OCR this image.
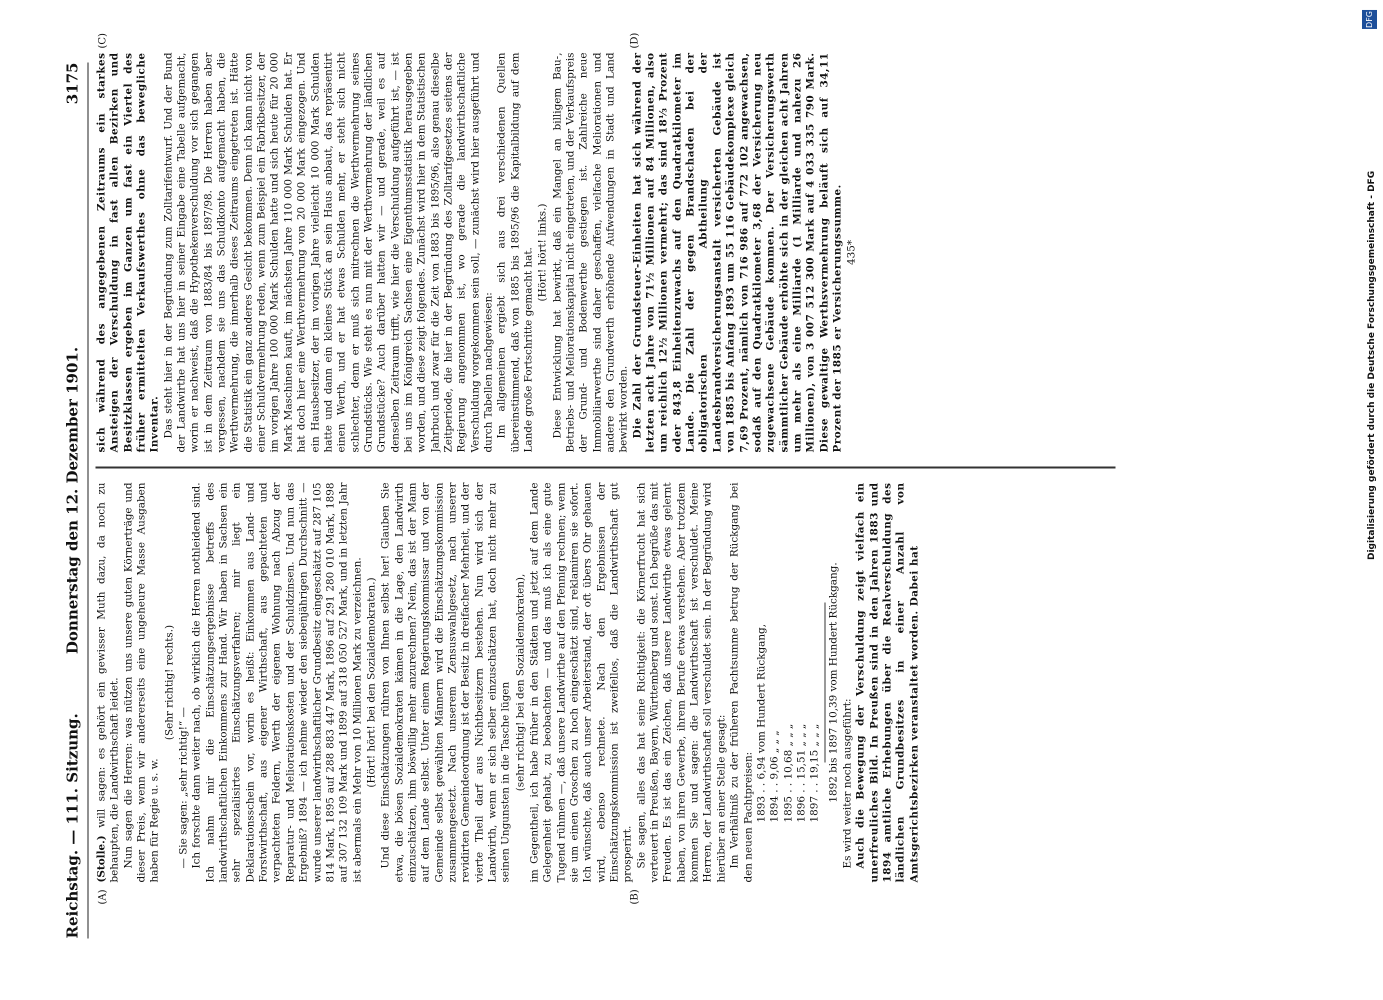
Reichstag. — 111. Sitzung.
Donnerstag den 12. Dezember 1901.
3175
(A)	(B)
(C)	(D)

(Stolle.) will sagen: es gehört ein gewisser Muth dazu, da noch zu behaupten, die Landwirthschaft leidet. Nun sagen die Herren: was nützen uns unsere guten Körnerträge und dieser Preis, wenn wir andererseits eine ungeheure Masse Ausgaben haben für Regie u. s. w.

(Sehr richtig! rechts.)

— Sie sagen: „sehr richtig!“ — Ich forschte dann weiter nach, ob wirklich die Herren nothleidend sind. Ich nahm mir die Einschätzungsergebnisse betreffs des landwirthschaftlichen Einkommens zur Hand. Wir haben in Sachsen ein sehr spezialisirtes Einschätzungsverfahren; mir liegt ein Deklarationsschein vor, worin es heißt: Einkommen aus Land- und Forstwirthschaft, aus eigener Wirthschaft, aus gepachteten und verpachteten Feldern, Werth der eigenen Wohnung nach Abzug der Reparatur- und Meliorationskosten und der Schuldzinsen. Und nun das Ergebniß? 1894 — ich nehme wieder den siebenjährigen Durchschnitt — wurde unserer landwirthschaftlicher Grundbesitz eingeschätzt auf 287 105 814 Mark, 1895 auf 288 883 447 Mark, 1896 auf 291 280 010 Mark, 1898 auf 307 132 109 Mark und 1899 auf 318 050 527 Mark, und in letzten Jahr ist abermals ein Mehr von 10 Millionen Mark zu verzeichnen. (Hört! hört! bei den Sozialdemokraten.) Und diese Einschätzungen rühren von Ihnen selbst her! Glauben Sie etwa, die bösen Sozialdemokraten kämen in die Lage, den Landwirth einzuschätzen, ihm böswillig mehr anzurechnen? Nein, das ist der Mann auf dem Lande selbst. Unter einem Regierungskommissar und von der Gemeinde selbst gewählten Männern wird die Einschätzungskommission zusammengesetzt. Nach unserem Zensuswahlgesetz, nach unserer revidirten Gemeindeordnung ist der Besitz in dreifacher Mehrheit, und der vierte Theil darf aus Nichtbesitzern bestehen. Nun wird sich der Landwirth, wenn er sich selber einzuschätzen hat, doch nicht mehr zu seinen Ungunsten in die Tasche lügen (sehr richtig! bei den Sozialdemokraten), im Gegentheil, ich habe früher in den Städten und jetzt auf dem Lande Gelegenheit gehabt, zu beobachten — und das muß ich als eine gute Tugend rühmen —, daß unsere Landwirthe auf den Pfennig rechnen; wenn sie um einen Groschen zu hoch eingeschätzt sind, reklamiren sie sofort. Ich wünschte, daß auch unser Arbeiterstand, der oft übers Ohr gehauen wird, ebenso rechnete. Nach den Ergebnissen der Einschätzungskommission ist zweifellos, daß die Landwirthschaft gut prosperirt. Sie sagen, alles das hat seine Richtigkeit: die Körnerfrucht hat sich verteuert in Preußen, Bayern, Württemberg und sonst. Ich begrüße das mit Freuden. Es ist das ein Zeichen, daß unsere Landwirthe etwas gelernt haben, von ihren Gewerbe, ihrem Berufe etwas verstehen. Aber trotzdem kommen Sie und sagen: die Landwirthschaft ist verschuldet. Meine Herren, der Landwirthschaft soll verschuldet sein. In der Begründung wird hierüber an einer Stelle gesagt: Im Verhältniß zu der früheren Pachtsumme betrug der Rückgang bei den neuen Pachtpreisen: 1893 . . 6,94 vom Hundert Rückgang, 1894 . . 9,06 „ „ „ 1895 . . 10,68 „ „ „ 1896 . . 15,51 „ „ „ 1897 . . 19,15 „ „ „ 1892 bis 1897 10,39 vom Hundert Rückgang. Es wird weiter noch ausgeführt: Auch die Bewegung der Verschuldung zeigt vielfach ein unerfreuliches Bild. In Preußen sind in den Jahren 1883 und 1894 amtliche Erhebungen über die Realverschuldung des ländlichen Grundbesitzes in einer Anzahl von Amtsgerichtsbezirken veranstaltet worden. Dabei hat

sich während des angegebenen Zeitraums ein starkes Ansteigen der Verschuldung in fast allen Bezirken und Besitzklassen ergeben im Ganzen um fast ein Viertel des früher ermittelten Verkaufswerthes ohne das bewegliche Inventar. Das steht hier in der Begründung zum Zolltarifentwurf. Und der Bund der Landwirthe hat uns hier in seiner Eingabe eine Tabelle aufgemacht, worin er nachweist, daß die Hypothekenverschuldung vor sich gegangen ist in dem Zeitraum von 1883/84 bis 1897/98. Die Herren haben aber vergessen, nachdem sie uns das Schuldkonto aufgemacht haben, die Werthvermehrung, die innerhalb dieses Zeitraums eingetreten ist. Hätte die Statistik ein ganz anderes Gesicht bekommen. Denn ich kann nicht von einer Schuldvermehrung reden, wenn zum Beispiel ein Fabrikbesitzer, der im vorigen Jahre 100 000 Mark Schulden hatte und sich heute für 20 000 Mark Maschinen kauft, im nächsten Jahre 110 000 Mark Schulden hat. Er hat doch hier eine Werthvermehrung von 20 000 Mark eingezogen. Und ein Hausbesitzer, der im vorigen Jahre vielleicht 10 000 Mark Schulden hatte und dann ein kleines Stück an sein Haus anbaut, das repräsentirt einen Werth, und er hat etwas Schulden mehr, er steht sich nicht schlechter, denn er muß sich mitrechnen die Werthvermehrung seines Grundstücks. Wie steht es nun mit der Werthvermehrung der ländlichen Grundstücke? Auch darüber hatten wir — und gerade, weil es auf denselben Zeitraum trifft, wie hier die Verschuldung aufgeführt ist, — ist bei uns im Königreich Sachsen eine Eigenthumsstatistik herausgegeben worden, und diese zeigt folgendes. Zunächst wird hier in dem Statistischen Jahrbuch und zwar für die Zeit von 1883 bis 1895/96, also genau dieselbe Zeitperiode, die hier in der Begründung des Zolltarifgesetzes seitens der Regierung angenommen ist, wo gerade die landwirthschaftliche Verschuldung vorgekommen sein soll, — zunächst wird hier ausgeführt und durch Tabellen nachgewiesen: Im allgemeinen ergiebt sich aus drei verschiedenen Quellen übereinstimmend, daß von 1885 bis 1895/96 die Kapitalbildung auf dem Lande große Fortschritte gemacht hat. (Hört! hört! links.) Diese Entwicklung hat bewirkt, daß ein Mangel an billigem Bau-, Betriebs- und Meliorationskapital nicht eingetreten, und der Verkaufspreis der Grund- und Bodenwerthe gestiegen ist. Zahlreiche neue Immobiliarwerthe sind daher geschaffen, vielfache Meliorationen und andere den Grundwerth erhöhende Aufwendungen in Stadt und Land bewirkt worden. Die Zahl der Grundsteuer-Einheiten hat sich während der letzten acht Jahre von 71½ Millionen auf 84 Millionen, also um reichlich 12½ Millionen vermehrt; das sind 18⅓ Prozent oder 843,8 Einheitenzuwachs auf den Quadratkilometer im Lande. Die Zahl der gegen Brandschaden bei der obligatorischen Abtheilung der Landesbrandversicherungsanstalt versicherten Gebäude ist von 1885 bis Anfang 1893 um 55 116 Gebäudekomplexe gleich 7,69 Prozent, nämlich von 716 986 auf 772 102 angewachsen, sodaß auf den Quadratkilometer 3,68 der Versicherung neu zugewachsene Gebäude kommen. Der Versicherungswerth sämmtlicher Gebäude erhöhte sich in der gleichen acht Jahren um mehr als eine Milliarde (1 Milliarde und nahezu 26 Millionen), von 3 007 512 300 Mark auf 4 033 335 790 Mark. Diese gewaltige Werthsvermehrung beläuft sich auf 34,11 Prozent der 1885 er Versicherungssumme. 435*	Digitalisierung gefördert durch die Deutsche Forschungsgemeinschaft - DFG
DFG
